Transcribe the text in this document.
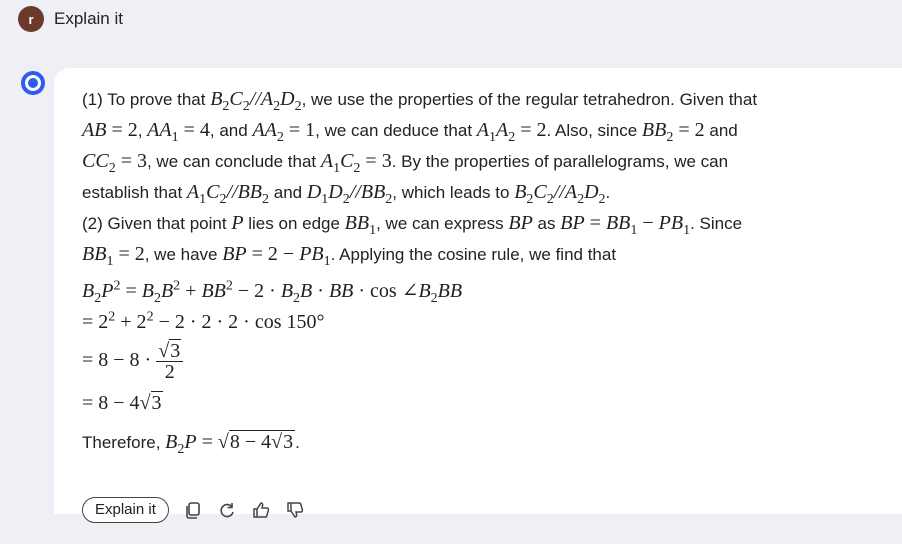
r	Explain it
(1) To prove that $B_2C_2//A_2D_2$, we use the properties of the regular tetrahedron. Given that
AB = 2, $AA_1 = 4$, and $AA_2 = 1$, we can deduce that $A_1A_2 = 2$. Also, since $BB_2 = 2$ and
$CC_2 = 3$, we can conclude that $A_1C_2 = 3$. By the properties of parallelograms, we can
establish that $A_1C_2//BB_2$ and $D_1D_2//BB_2$, which leads to $B_2C_2//A_2D_2$.
(2) Given that point P lies on edge $BB_1$, we can express BP as BP = $BB_1 - PB_1$. Since
$BB_1 = 2$, we have BP = $2 - PB_1$. Applying the cosine rule, we find that
$B_2P^2 = B_2B^2 + BB^2 - 2 \cdot B_2B$ · BB · $\cos \angle B_2BB$
= $2^2 + 2^2 - 2 \cdot 2 \cdot 2 \cdot \cos 150^\circ$
= $8 - 8 \cdot \frac{√3}{2}$
= 8 − 4√3
Therefore, $B_2P = √8 - 4√3$ .
Explain it
